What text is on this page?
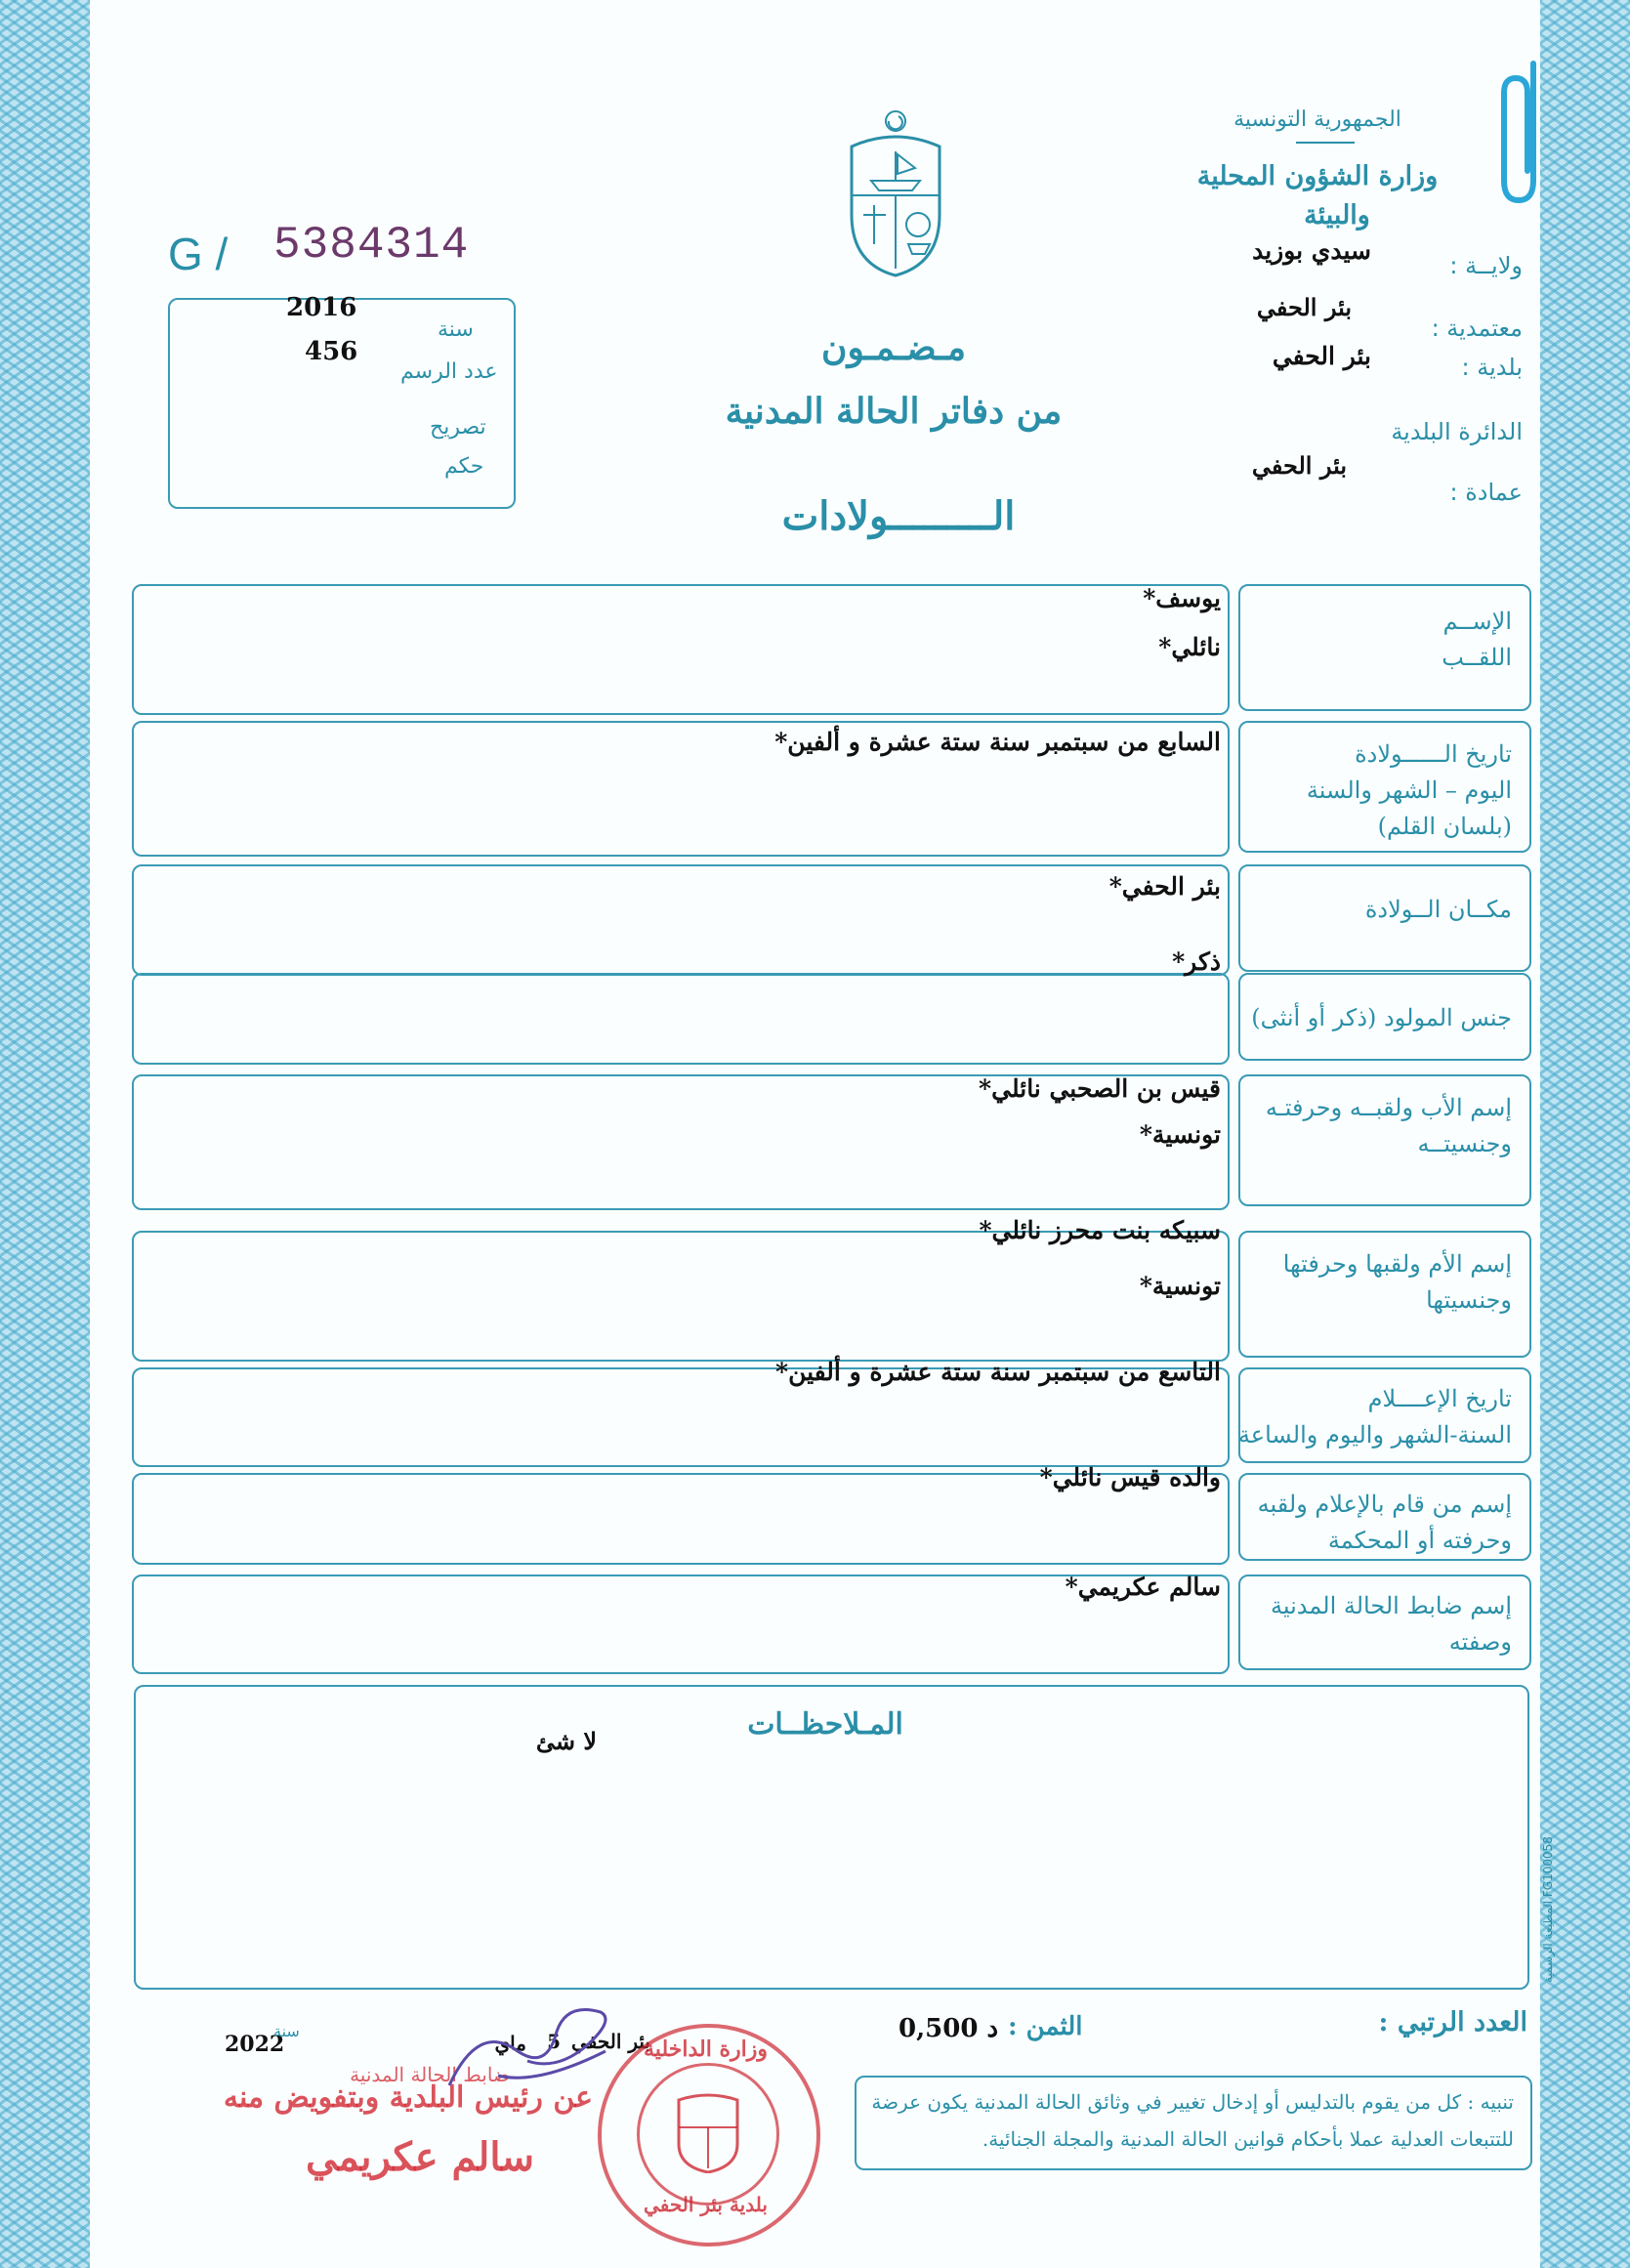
الجمهورية التونسية
وزارة الشؤون المحلية
والبيئة
ولايــة :
سيدي بوزيد
معتمدية :
بئر الحفي
بلدية :
بئر الحفي
الدائرة البلدية
بئر الحفي
عمادة :
G / 5384314
سنة
2016
عدد الرسم
456
تصريح
حكم
مـضـمـون
من دفاتر الحالة المدنية
الـــــــــولادات
الإســم
اللقــب
يوسف*
نائلي*
تاريخ الــــــولادة
اليوم – الشهر والسنة
(بلسان القلم)
السابع من سبتمبر سنة ستة عشرة و ألفين*
مكــان الــولادة
بئر الحفي*
جنس المولود (ذكر أو أنثى)
ذكر*
إسم الأب ولقبــه وحرفتـه
وجنسيتــه
قيس بن الصحبي نائلي*
تونسية*
إسم الأم ولقبها وحرفتها
وجنسيتها
سبيكه بنت محرز نائلي*
تونسية*
تاريخ الإعــــلام
السنة-الشهر واليوم والساعة
التاسع من سبتمبر سنة ستة عشرة و ألفين*
إسم من قام بالإعلام ولقبه
وحرفته أو المحكمة
والده قيس نائلي*
إسم ضابط الحالة المدنية
وصفته
سالم عكريمي*
المـلاحظــات
لا شئ
المطبعة الرسمية FG100058
العدد الرتبي :
الثمن :
0,500 د
بئر الحفي
5
ماي
2022
سنة
تنبيه : كل من يقوم بالتدليس أو إدخال تغيير في وثائق الحالة المدنية يكون عرضة
للتتبعات العدلية عملا بأحكام قوانين الحالة المدنية والمجلة الجنائية.
عن رئيس البلدية وبتفويض منه
ضابط الحالة المدنية
سالم عكريمي
وزارة الداخلية
بلدية بئر الحفي
